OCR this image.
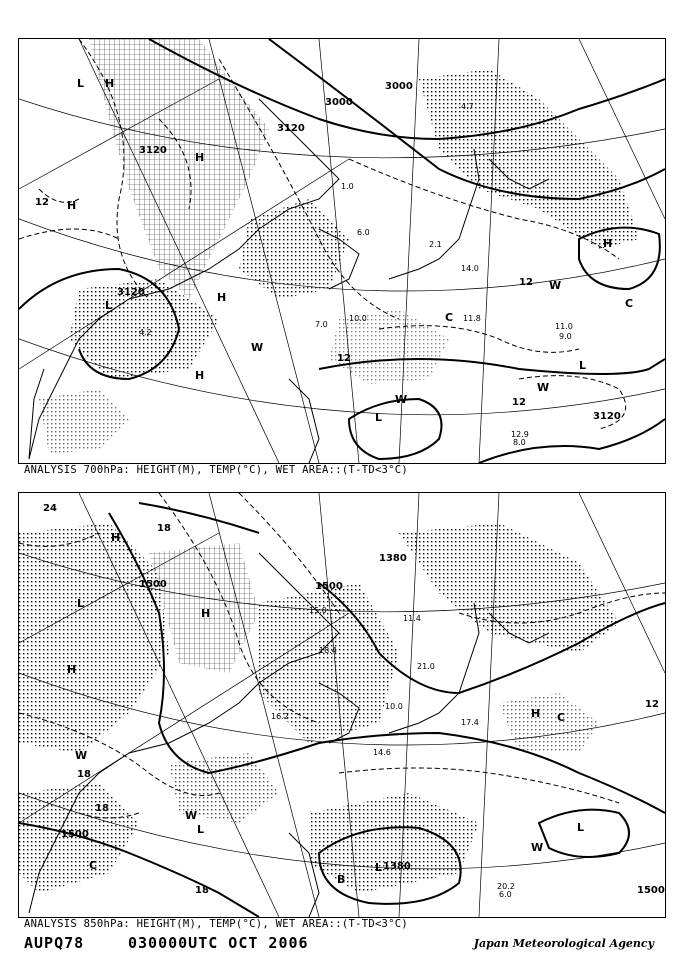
3120
3000
3000
3120
3120
3120
12
12
12
12
L H
H
H
L
H
W
H
H
W
C
L
W
L
W
C
4.7
1.0
6.0
2.1
14.0
11.8
11.0
9.0
10.0
12.9
8.0
4.2
7.0
ANALYSIS 700hPa: HEIGHT(M), TEMP(°C), WET AREA::(T-TD<3°C)
24
18
1500	1500
1380
1500
1500
1380
12
18
18
18
H
L
H
H
W
L
W
L
C
H
L
W
B
C
15.0
18.4
16.2
17.4
21.0
14.6
20.2
6.0
11.4
10.0
ANALYSIS 850hPa: HEIGHT(M), TEMP(°C), WET AREA::(T-TD<3°C)
AUPQ78	030000UTC OCT 2006	Japan Meteorological Agency
